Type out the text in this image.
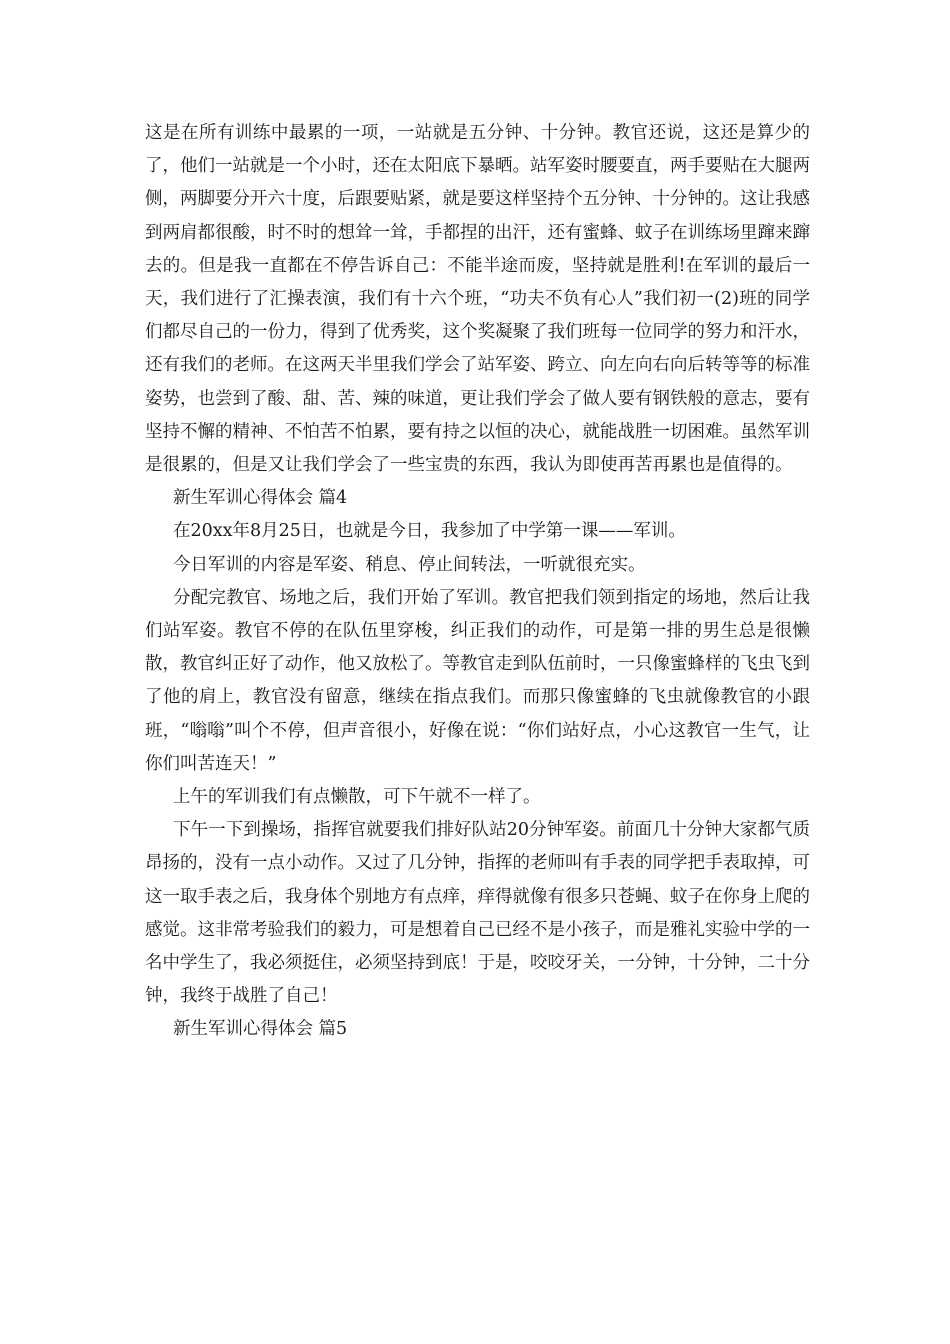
这是在所有训练中最累的一项，一站就是五分钟、十分钟。教官还说，这还是算少的了，他们一站就是一个小时，还在太阳底下暴晒。站军姿时腰要直，两手要贴在大腿两侧，两脚要分开六十度，后跟要贴紧，就是要这样坚持个五分钟、十分钟的。这让我感到两肩都很酸，时不时的想耸一耸，手都捏的出汗，还有蜜蜂、蚊子在训练场里蹿来蹿去的。但是我一直都在不停告诉自己：不能半途而废，坚持就是胜利!在军训的最后一天，我们进行了汇操表演，我们有十六个班，“功夫不负有心人”我们初一(2)班的同学们都尽自己的一份力，得到了优秀奖，这个奖凝聚了我们班每一位同学的努力和汗水，还有我们的老师。在这两天半里我们学会了站军姿、跨立、向左向右向后转等等的标准姿势，也尝到了酸、甜、苦、辣的味道，更让我们学会了做人要有钢铁般的意志，要有坚持不懈的精神、不怕苦不怕累，要有持之以恒的决心，就能战胜一切困难。虽然军训是很累的，但是又让我们学会了一些宝贵的东西，我认为即使再苦再累也是值得的。

新生军训心得体会 篇4

在20xx年8月25日，也就是今日，我参加了中学第一课——军训。

今日军训的内容是军姿、稍息、停止间转法，一听就很充实。

分配完教官、场地之后，我们开始了军训。教官把我们领到指定的场地，然后让我们站军姿。教官不停的在队伍里穿梭，纠正我们的动作，可是第一排的男生总是很懒散，教官纠正好了动作，他又放松了。等教官走到队伍前时，一只像蜜蜂样的飞虫飞到了他的肩上，教官没有留意，继续在指点我们。而那只像蜜蜂的飞虫就像教官的小跟班，“嗡嗡”叫个不停，但声音很小，好像在说：“你们站好点，小心这教官一生气，让你们叫苦连天！”

上午的军训我们有点懒散，可下午就不一样了。

下午一下到操场，指挥官就要我们排好队站20分钟军姿。前面几十分钟大家都气质昂扬的，没有一点小动作。又过了几分钟，指挥的老师叫有手表的同学把手表取掉，可这一取手表之后，我身体个别地方有点痒，痒得就像有很多只苍蝇、蚊子在你身上爬的感觉。这非常考验我们的毅力，可是想着自己已经不是小孩子，而是雅礼实验中学的一名中学生了，我必须挺住，必须坚持到底！于是，咬咬牙关，一分钟，十分钟，二十分钟，我终于战胜了自己！

新生军训心得体会 篇5
